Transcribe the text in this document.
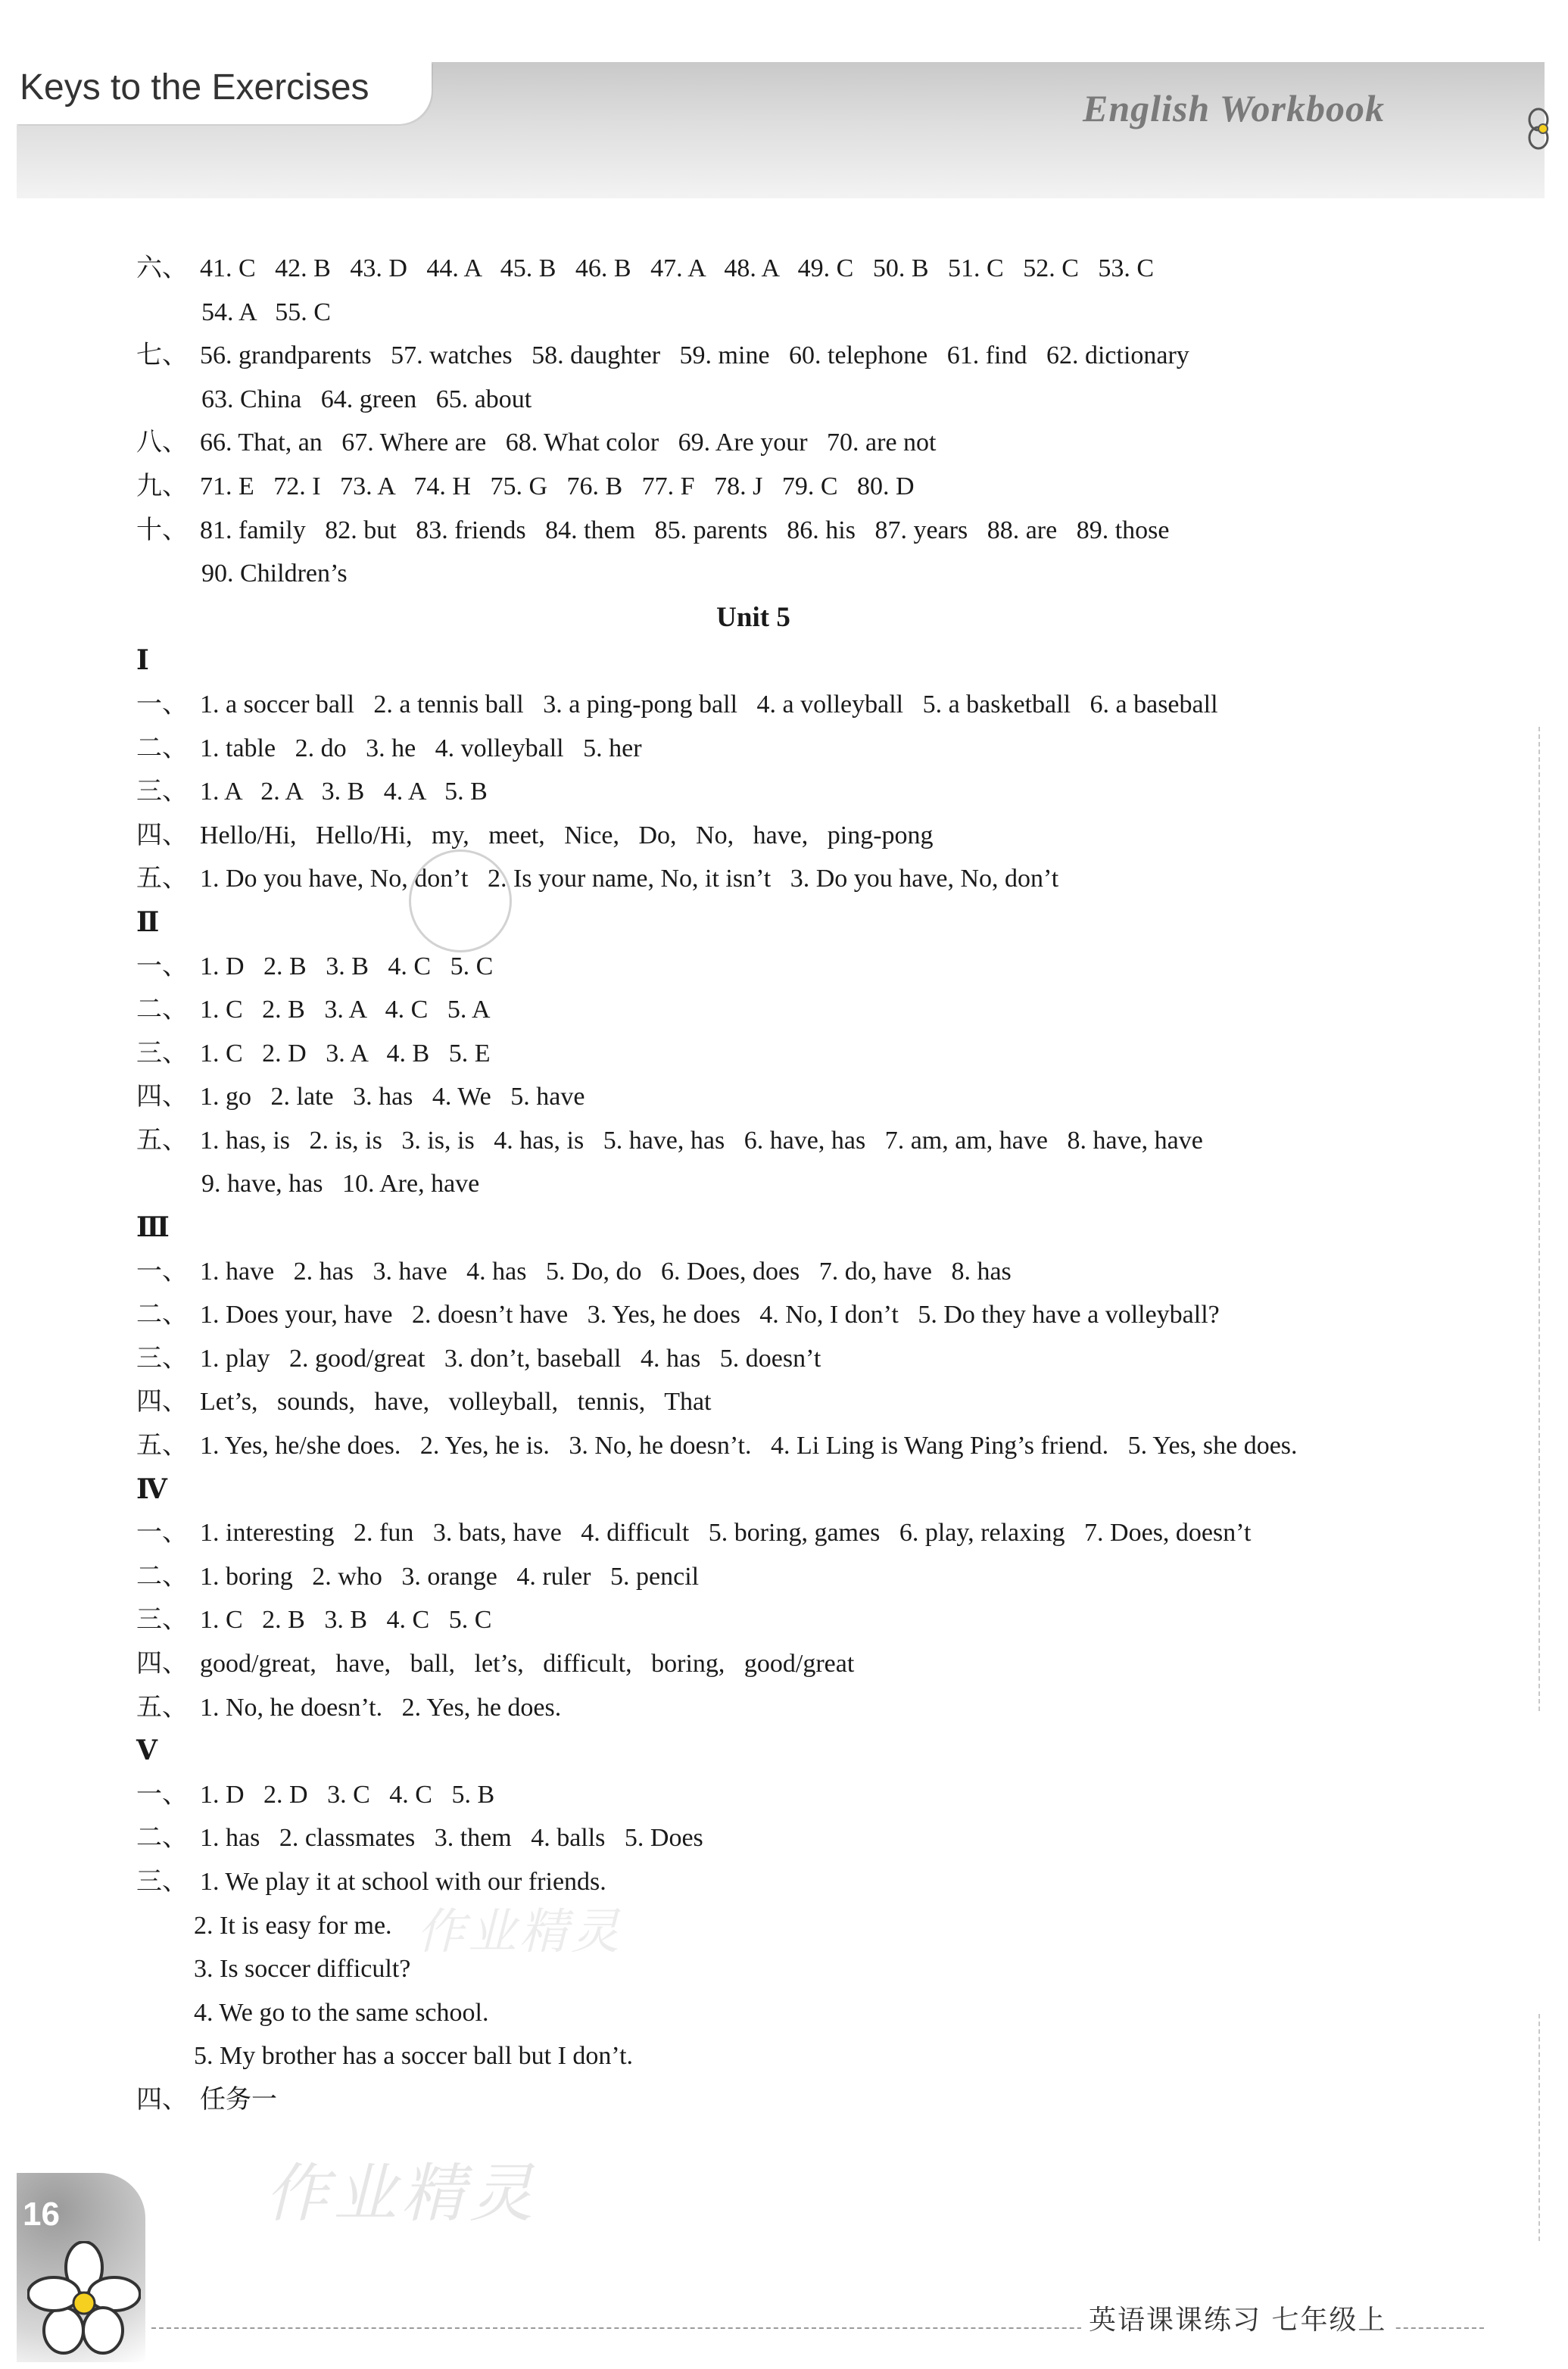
Keys to the Exercises	English Workbook
六、 41. C   42. B   43. D   44. A   45. B   46. B   47. A   48. A   49. C   50. B   51. C   52. C   53. C
54. A   55. C
七、 56. grandparents   57. watches   58. daughter   59. mine   60. telephone   61. find   62. dictionary
63. China   64. green   65. about
八、 66. That, an   67. Where are   68. What color   69. Are your   70. are not
九、 71. E   72. I   73. A   74. H   75. G   76. B   77. F   78. J   79. C   80. D
十、 81. family   82. but   83. friends   84. them   85. parents   86. his   87. years   88. are   89. those
90. Children’s
Unit 5
Ⅰ
一、 1. a soccer ball   2. a tennis ball   3. a ping-pong ball   4. a volleyball   5. a basketball   6. a baseball
二、 1. table   2. do   3. he   4. volleyball   5. her
三、 1. A   2. A   3. B   4. A   5. B
四、 Hello/Hi,   Hello/Hi,   my,   meet,   Nice,   Do,   No,   have,   ping-pong
五、 1. Do you have, No, don’t   2. Is your name, No, it isn’t   3. Do you have, No, don’t
Ⅱ
一、 1. D   2. B   3. B   4. C   5. C
二、 1. C   2. B   3. A   4. C   5. A
三、 1. C   2. D   3. A   4. B   5. E
四、 1. go   2. late   3. has   4. We   5. have
五、 1. has, is   2. is, is   3. is, is   4. has, is   5. have, has   6. have, has   7. am, am, have   8. have, have
9. have, has   10. Are, have
Ⅲ
一、 1. have   2. has   3. have   4. has   5. Do, do   6. Does, does   7. do, have   8. has
二、 1. Does your, have   2. doesn’t have   3. Yes, he does   4. No, I don’t   5. Do they have a volleyball?
三、 1. play   2. good/great   3. don’t, baseball   4. has   5. doesn’t
四、 Let’s,   sounds,   have,   volleyball,   tennis,   That
五、 1. Yes, he/she does.   2. Yes, he is.   3. No, he doesn’t.   4. Li Ling is Wang Ping’s friend.   5. Yes, she does.
Ⅳ
一、 1. interesting   2. fun   3. bats, have   4. difficult   5. boring, games   6. play, relaxing   7. Does, doesn’t
二、 1. boring   2. who   3. orange   4. ruler   5. pencil
三、 1. C   2. B   3. B   4. C   5. C
四、 good/great,   have,   ball,   let’s,   difficult,   boring,   good/great
五、 1. No, he doesn’t.   2. Yes, he does.
Ⅴ
一、 1. D   2. D   3. C   4. C   5. B
二、 1. has   2. classmates   3. them   4. balls   5. Does
三、 1. We play it at school with our friends.
2. It is easy for me.
3. Is soccer difficult?
4. We go to the same school.
5. My brother has a soccer ball but I don’t.
四、 任务一
作业精灵
作业精灵
16
英语课课练习 七年级上
